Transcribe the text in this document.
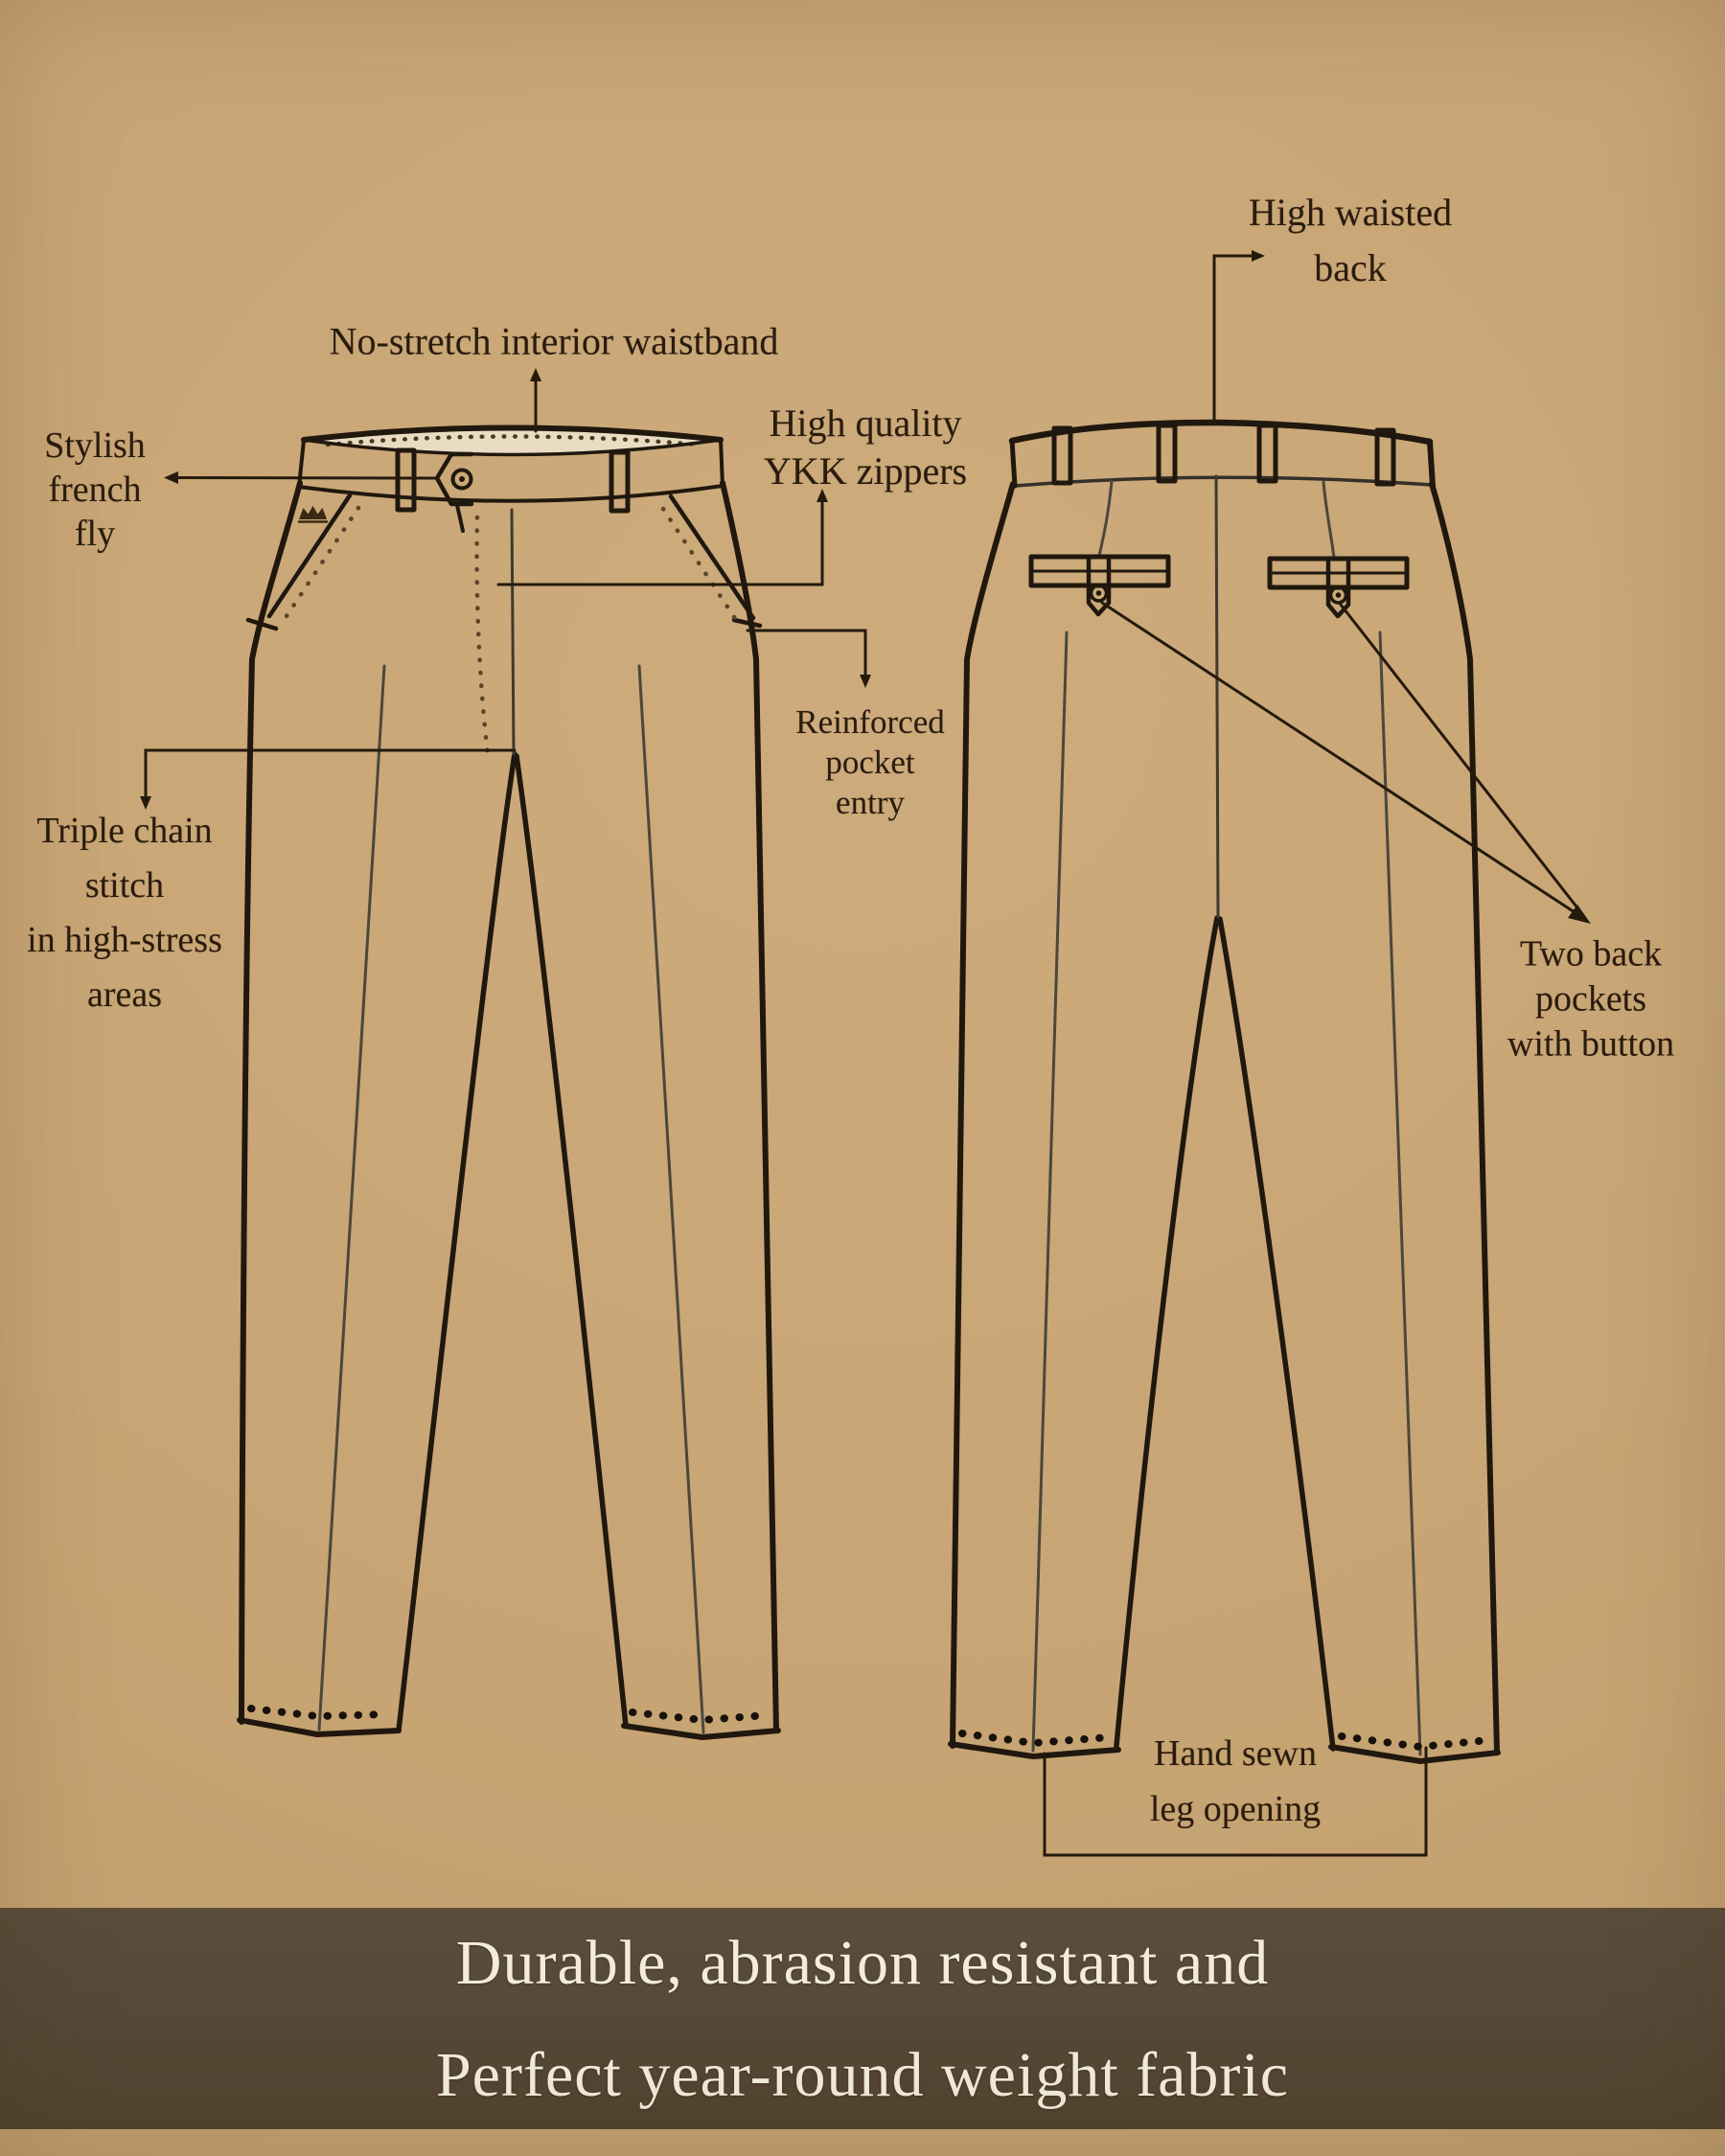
No-stretch interior waistband
Stylish
french
fly
High quality
YKK zippers
Reinforced
pocket
entry
Triple chain
stitch
in high-stress
areas
High waisted
back
Two back
pockets
with button
Hand sewn
leg opening
Durable, abrasion resistant and
Perfect year-round weight fabric
